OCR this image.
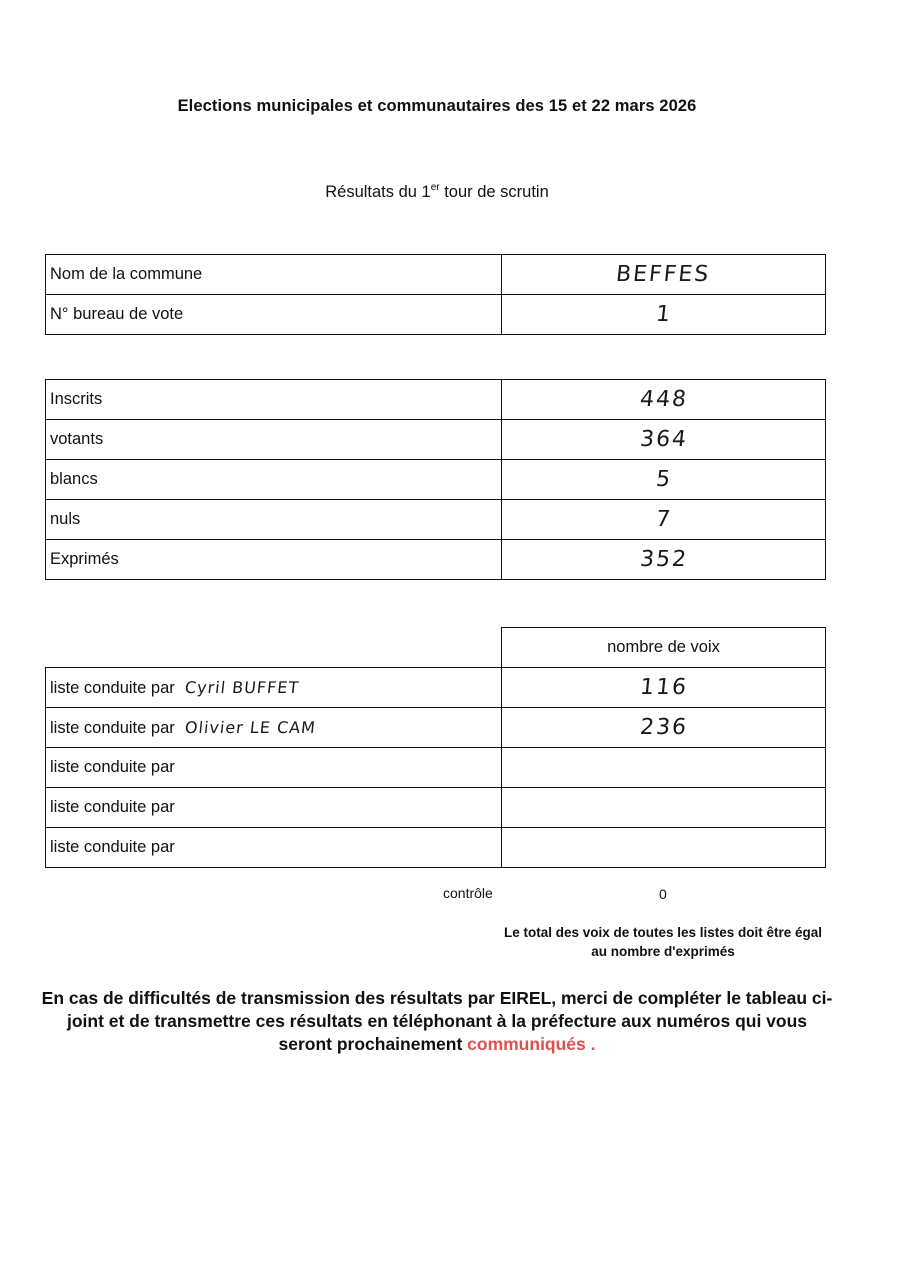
Elections municipales et communautaires des 15 et 22 mars 2026
Résultats du 1er tour de scrutin
Nom de la commune	BEFFES
N° bureau de vote	1
Inscrits	448
votants	364
blancs	5
nuls	7
Exprimés	352
	nombre de voix
liste conduite par Cyril BUFFET	116
liste conduite par Olivier LE CAM	236
liste conduite par	
liste conduite par	
liste conduite par	
contrôle	0
Le total des voix de toutes les listes doit être égal au nombre d'exprimés
En cas de difficultés de transmission des résultats par EIREL, merci de compléter le tableau ci-joint et de transmettre ces résultats en téléphonant à la préfecture aux numéros qui vous seront prochainement communiqués .
